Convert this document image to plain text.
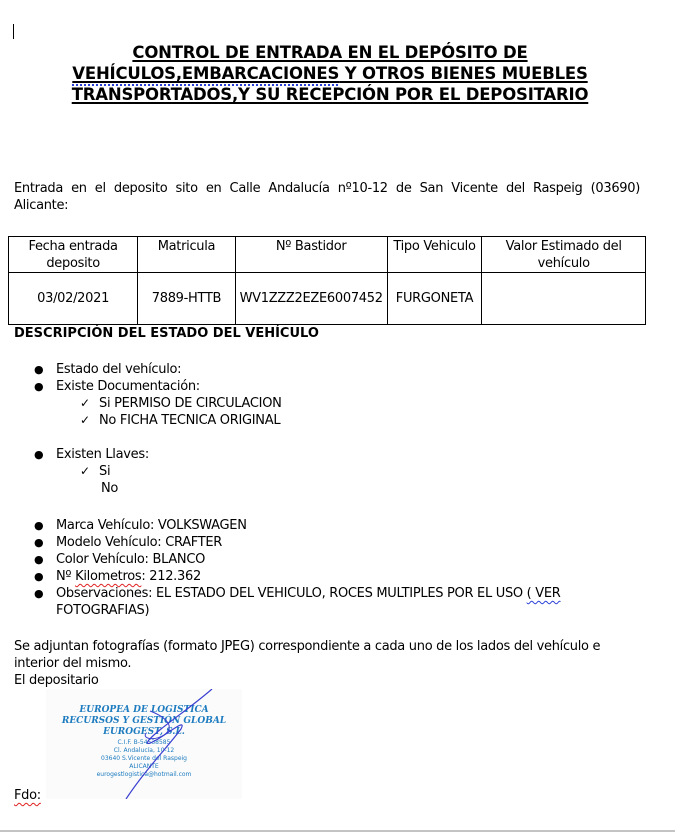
CONTROL DE ENTRADA EN EL DEPÓSITO DE
VEHÍCULOS,EMBARCACIONES Y OTROS BIENES MUEBLES
TRANSPORTADOS,Y SU RECEPCIÓN POR EL DEPOSITARIO
Entrada en el deposito sito en Calle Andalucía nº10-12 de San Vicente del Raspeig (03690) Alicante:
Fecha entrada deposito	Matricula	Nº Bastidor	Tipo Vehiculo	Valor Estimado del vehículo
03/02/2021	7889-HTTB	WV1ZZZ2EZE6007452	FURGONETA	
DESCRIPCIÓN DEL ESTADO DEL VEHÍCULO
● Estado del vehículo:
● Existe Documentación:
✓ Si PERMISO DE CIRCULACION
✓ No FICHA TECNICA ORIGINAL
● Existen Llaves:
✓ Si
No
● Marca Vehículo: VOLKSWAGEN
● Modelo Vehículo: CRAFTER
● Color Vehículo: BLANCO
● Nº Kilometros: 212.362
● Observaciones: EL ESTADO DEL VEHICULO, ROCES MULTIPLES POR EL USO ( VER
FOTOGRAFIAS)
Se adjuntan fotografías (formato JPEG) correspondiente a cada uno de los lados del vehículo e interior del mismo.
El depositario
EUROPEA DE LOGISTICA
RECURSOS Y GESTIÓN GLOBAL
EUROGEST, S.L.
C.I.F. B-54538585
Cl. Andalucía, 10-12
03640 S.Vicente del Raspeig
ALICANTE
eurogestlogistica@hotmail.com
Fdo:
